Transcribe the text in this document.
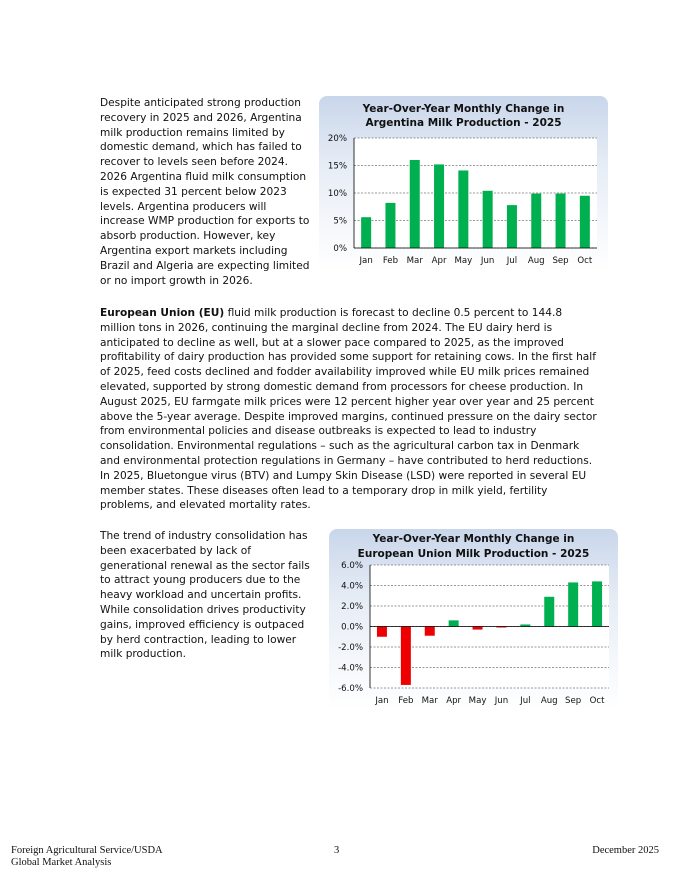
Despite anticipated strong production recovery in 2025 and 2026, Argentina milk production remains limited by domestic demand, which has failed to recover to levels seen before 2024. 2026 Argentina fluid milk consumption is expected 31 percent below 2023 levels. Argentina producers will increase WMP production for exports to absorb production. However, key Argentina export markets including Brazil and Algeria are expecting limited or no import growth in 2026.

Year-Over-Year Monthly Change in
Argentina Milk Production - 2025
0%
5%
10%
15%
20%
Jan Feb Mar Apr May Jun Jul Aug Sep Oct

European Union (EU) fluid milk production is forecast to decline 0.5 percent to 144.8 million tons in 2026, continuing the marginal decline from 2024. The EU dairy herd is anticipated to decline as well, but at a slower pace compared to 2025, as the improved profitability of dairy production has provided some support for retaining cows. In the first half of 2025, feed costs declined and fodder availability improved while EU milk prices remained elevated, supported by strong domestic demand from processors for cheese production. In August 2025, EU farmgate milk prices were 12 percent higher year over year and 25 percent above the 5-year average. Despite improved margins, continued pressure on the dairy sector from environmental policies and disease outbreaks is expected to lead to industry consolidation. Environmental regulations – such as the agricultural carbon tax in Denmark and environmental protection regulations in Germany – have contributed to herd reductions. In 2025, Bluetongue virus (BTV) and Lumpy Skin Disease (LSD) were reported in several EU member states. These diseases often lead to a temporary drop in milk yield, fertility problems, and elevated mortality rates.

The trend of industry consolidation has been exacerbated by lack of generational renewal as the sector fails to attract young producers due to the heavy workload and uncertain profits. While consolidation drives productivity gains, improved efficiency is outpaced by herd contraction, leading to lower milk production.

Year-Over-Year Monthly Change in
European Union Milk Production - 2025
-6.0%
-4.0%
-2.0%
0.0%
2.0%
4.0%
6.0%
Jan Feb Mar Apr May Jun Jul Aug Sep Oct
Foreign Agricultural Service/USDA
Global Market Analysis
3	December 2025
